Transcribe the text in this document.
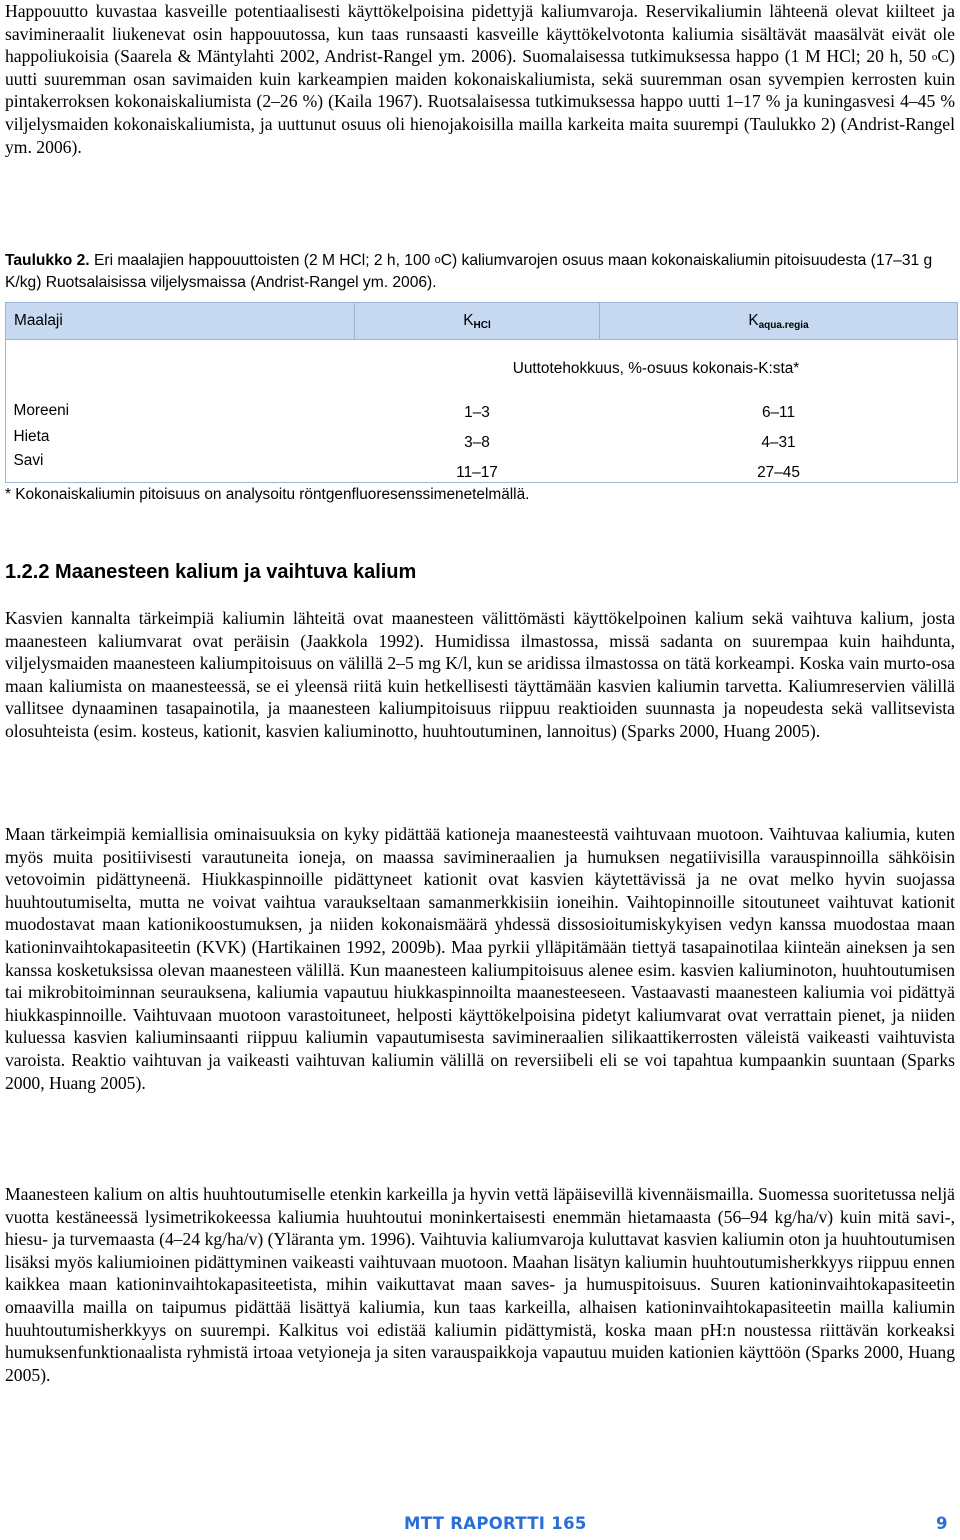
Happouutto kuvastaa kasveille potentiaalisesti käyttökelpoisina pidettyjä kaliumvaroja. Reservikaliumin lähteenä olevat kiilteet ja savimineraalit liukenevat osin happouutossa, kun taas runsaasti kasveille käyttökelvotonta kaliumia sisältävät maasälvät eivät ole happoliukoisia (Saarela & Mäntylahti 2002, Andrist-Rangel ym. 2006). Suomalaisessa tutkimuksessa happo (1 M HCl; 20 h, 50 $^o$C) uutti suuremman osan savimaiden kuin karkeampien maiden kokonaiskaliumista, sekä suuremman osan syvempien kerrosten kuin pintakerroksen kokonaiskaliumista (2–26 %) (Kaila 1967). Ruotsalaisessa tutkimuksessa happo uutti 1–17 % ja kuningasvesi 4–45 % viljelysmaiden kokonaiskaliumista, ja uuttunut osuus oli hienojakoisilla mailla karkeita maita suurempi (Taulukko 2) (Andrist-Rangel ym. 2006).

Taulukko 2. Eri maalajien happouuttoisten (2 M HCl; 2 h, 100 $^o$C) kaliumvarojen osuus maan kokonaiskaliumin pitoisuudesta (17–31 g K/kg) Ruotsalaisissa viljelysmaissa (Andrist-Rangel ym. 2006).
Maalaji	KHCl	Kaqua.regia
	Uuttotehokkuus, %-osuus kokonais-K:sta*	
Moreeni	1–3	6–11
Hieta	3–8	4–31
Savi	11–17	27–45
* Kokonaiskaliumin pitoisuus on analysoitu röntgenfluoresenssimenetelmällä.
1.2.2 Maanesteen kalium ja vaihtuva kalium

Kasvien kannalta tärkeimpiä kaliumin lähteitä ovat maanesteen välittömästi käyttökelpoinen kalium sekä vaihtuva kalium, josta maanesteen kaliumvarat ovat peräisin (Jaakkola 1992). Humidissa ilmastossa, missä sadanta on suurempaa kuin haihdunta, viljelysmaiden maanesteen kaliumpitoisuus on välillä 2–5 mg K/l, kun se aridissa ilmastossa on tätä korkeampi. Koska vain murto-osa maan kaliumista on maanesteessä, se ei yleensä riitä kuin hetkellisesti täyttämään kasvien kaliumin tarvetta. Kaliumreservien välillä vallitsee dynaaminen tasapainotila, ja maanesteen kaliumpitoisuus riippuu reaktioiden suunnasta ja nopeudesta sekä vallitsevista olosuhteista (esim. kosteus, kationit, kasvien kaliuminotto, huuhtoutuminen, lannoitus) (Sparks 2000, Huang 2005).

Maan tärkeimpiä kemiallisia ominaisuuksia on kyky pidättää kationeja maanesteestä vaihtuvaan muotoon. Vaihtuvaa kaliumia, kuten myös muita positiivisesti varautuneita ioneja, on maassa savimineraalien ja humuksen negatiivisilla varauspinnoilla sähköisin vetovoimin pidättyneenä. Hiukkaspinnoille pidättyneet kationit ovat kasvien käytettävissä ja ne ovat melko hyvin suojassa huuhtoutumiselta, mutta ne voivat vaihtua varaukseltaan samanmerkkisiin ioneihin. Vaihtopinnoille sitoutuneet vaihtuvat kationit muodostavat maan kationikoostumuksen, ja niiden kokonaismäärä yhdessä dissosioitumiskykyisen vedyn kanssa muodostaa maan kationinvaihtokapasiteetin (KVK) (Hartikainen 1992, 2009b). Maa pyrkii ylläpitämään tiettyä tasapainotilaa kiinteän aineksen ja sen kanssa kosketuksissa olevan maanesteen välillä. Kun maanesteen kaliumpitoisuus alenee esim. kasvien kaliuminoton, huuhtoutumisen tai mikrobitoiminnan seurauksena, kaliumia vapautuu hiukkaspinnoilta maanesteeseen. Vastaavasti maanesteen kaliumia voi pidättyä hiukkaspinnoille. Vaihtuvaan muotoon varastoituneet, helposti käyttökelpoisina pidetyt kaliumvarat ovat verrattain pienet, ja niiden kuluessa kasvien kaliuminsaanti riippuu kaliumin vapautumisesta savimineraalien silikaattikerrosten väleistä vaikeasti vaihtuvista varoista. Reaktio vaihtuvan ja vaikeasti vaihtuvan kaliumin välillä on reversiibeli eli se voi tapahtua kumpaankin suuntaan (Sparks 2000, Huang 2005).

Maanesteen kalium on altis huuhtoutumiselle etenkin karkeilla ja hyvin vettä läpäisevillä kivennäismailla. Suomessa suoritetussa neljä vuotta kestäneessä lysimetrikokeessa kaliumia huuhtoutui moninkertaisesti enemmän hietamaasta (56–94 kg/ha/v) kuin mitä savi-, hiesu- ja turvemaasta (4–24 kg/ha/v) (Yläranta ym. 1996). Vaihtuvia kaliumvaroja kuluttavat kasvien kaliumin oton ja huuhtoutumisen lisäksi myös kaliumioinen pidättyminen vaikeasti vaihtuvaan muotoon. Maahan lisätyn kaliumin huuhtoutumisherkkyys riippuu ennen kaikkea maan kationinvaihtokapasiteetista, mihin vaikuttavat maan saves- ja humuspitoisuus. Suuren kationinvaihtokapasiteetin omaavilla mailla on taipumus pidättää lisättyä kaliumia, kun taas karkeilla, alhaisen kationinvaihtokapasiteetin mailla kaliumin huuhtoutumisherkkyys on suurempi. Kalkitus voi edistää kaliumin pidättymistä, koska maan pH:n noustessa riittävän korkeaksi humuksenfunktionaalista ryhmistä irtoaa vetyioneja ja siten varauspaikkoja vapautuu muiden kationien käyttöön (Sparks 2000, Huang 2005).

MTT RAPORTTI 165	9
